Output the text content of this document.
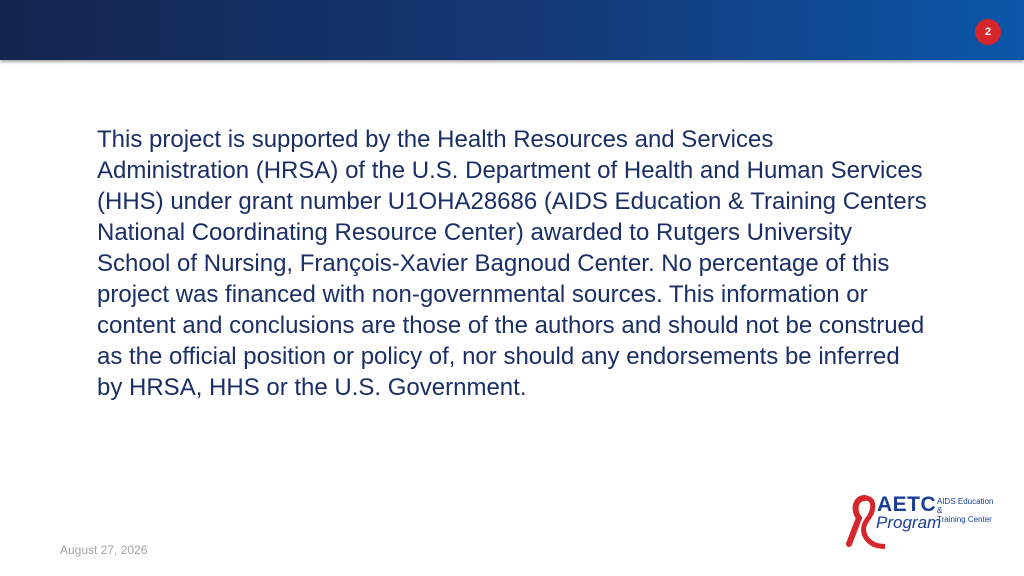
2

This project is supported by the Health Resources and Services Administration (HRSA) of the U.S. Department of Health and Human Services (HHS) under grant number U1OHA28686 (AIDS Education & Training Centers National Coordinating Resource Center) awarded to Rutgers University School of Nursing, François-Xavier Bagnoud Center. No percentage of this project was financed with non-governmental sources. This information or content and conclusions are those of the authors and should not be construed as the official position or policy of, nor should any endorsements be inferred by HRSA, HHS or the U.S. Government.

August 27, 2026
AETC
Program
AIDS Education &
Training Center
